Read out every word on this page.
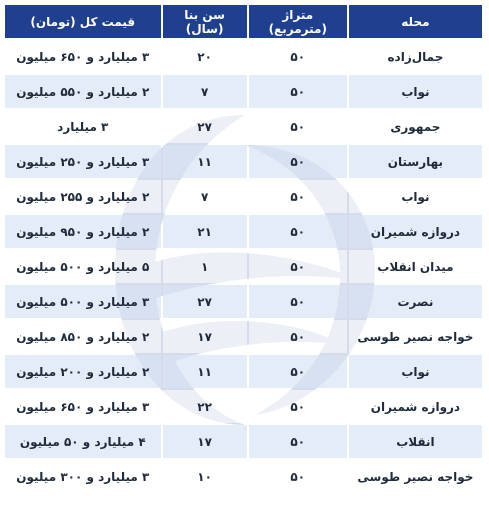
محله	متراژ (مترمربع)	سن بنا (سال)	قیمت کل (تومان)
جمال‌زاده	۵۰	۲۰	۳ میلیارد و ۶۵۰ میلیون
نواب	۵۰	۷	۲ میلیارد و ۵۵۰ میلیون
جمهوری	۵۰	۲۷	۳ میلیارد
بهارستان	۵۰	۱۱	۳ میلیارد و ۲۵۰ میلیون
نواب	۵۰	۷	۲ میلیارد و ۲۵۵ میلیون
دروازه شمیران	۵۰	۲۱	۲ میلیارد و ۹۵۰ میلیون
میدان انقلاب	۵۰	۱	۵ میلیارد و ۵۰۰ میلیون
نصرت	۵۰	۲۷	۳ میلیارد و ۵۰۰ میلیون
خواجه نصیر طوسی	۵۰	۱۷	۲ میلیارد و ۸۵۰ میلیون
نواب	۵۰	۱۱	۲ میلیارد و ۲۰۰ میلیون
دروازه شمیران	۵۰	۲۲	۳ میلیارد و ۶۵۰ میلیون
انقلاب	۵۰	۱۷	۴ میلیارد و ۵۰ میلیون
خواجه نصیر طوسی	۵۰	۱۰	۳ میلیارد و ۳۰۰ میلیون
